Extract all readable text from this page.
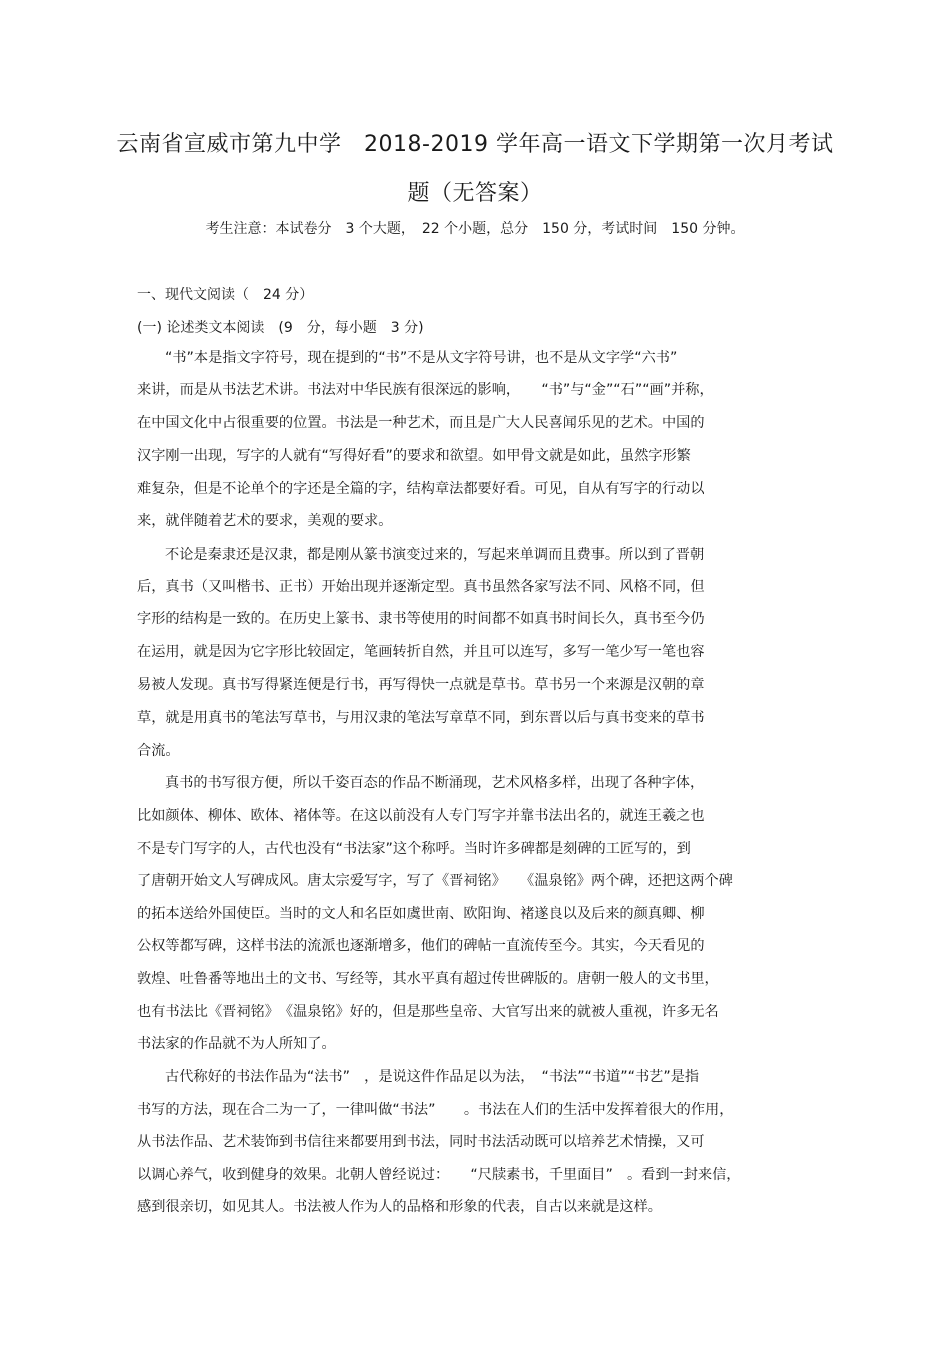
云南省宣威市第九中学　2018-2019 学年高一语文下学期第一次月考试
题（无答案）
考生注意：本试卷分　3 个大题，　22 个小题，总分　150 分，考试时间　150 分钟。
一、现代文阅读（　24 分）
(一) 论述类文本阅读　(9　分，每小题　3 分)
“书”本是指文字符号，现在提到的“书”不是从文字符号讲，也不是从文字学“六书”
来讲，而是从书法艺术讲。书法对中华民族有很深远的影响，　　“书”与“金”“石”“画”并称，
在中国文化中占很重要的位置。书法是一种艺术，而且是广大人民喜闻乐见的艺术。中国的
汉字刚一出现，写字的人就有“写得好看”的要求和欲望。如甲骨文就是如此，虽然字形繁
难复杂，但是不论单个的字还是全篇的字，结构章法都要好看。可见，自从有写字的行动以
来，就伴随着艺术的要求，美观的要求。
不论是秦隶还是汉隶，都是刚从篆书演变过来的，写起来单调而且费事。所以到了晋朝
后，真书（又叫楷书、正书）开始出现并逐渐定型。真书虽然各家写法不同、风格不同，但
字形的结构是一致的。在历史上篆书、隶书等使用的时间都不如真书时间长久，真书至今仍
在运用，就是因为它字形比较固定，笔画转折自然，并且可以连写，多写一笔少写一笔也容
易被人发现。真书写得紧连便是行书，再写得快一点就是草书。草书另一个来源是汉朝的章
草，就是用真书的笔法写草书，与用汉隶的笔法写章草不同，到东晋以后与真书变来的草书
合流。
真书的书写很方便，所以千姿百态的作品不断涌现，艺术风格多样，出现了各种字体，
比如颜体、柳体、欧体、褚体等。在这以前没有人专门写字并靠书法出名的，就连王羲之也
不是专门写字的人，古代也没有“书法家”这个称呼。当时许多碑都是刻碑的工匠写的，到
了唐朝开始文人写碑成风。唐太宗爱写字，写了《晋祠铭》　　《温泉铭》两个碑，还把这两个碑
的拓本送给外国使臣。当时的文人和名臣如虞世南、欧阳询、褚遂良以及后来的颜真卿、柳
公权等都写碑，这样书法的流派也逐渐增多，他们的碑帖一直流传至今。其实，今天看见的
敦煌、吐鲁番等地出土的文书、写经等，其水平真有超过传世碑版的。唐朝一般人的文书里，
也有书法比《晋祠铭》　《温泉铭》好的，但是那些皇帝、大官写出来的就被人重视，许多无名
书法家的作品就不为人所知了。
古代称好的书法作品为“法书”　，是说这件作品足以为法，　“书法”“书道”“书艺”是指
书写的方法，现在合二为一了，一律叫做“书法”　　。书法在人们的生活中发挥着很大的作用，
从书法作品、艺术装饰到书信往来都要用到书法，同时书法活动既可以培养艺术情操，又可
以调心养气，收到健身的效果。北朝人曾经说过：　　“尺牍素书，千里面目”　。看到一封来信，
感到很亲切，如见其人。书法被人作为人的品格和形象的代表，自古以来就是这样。
